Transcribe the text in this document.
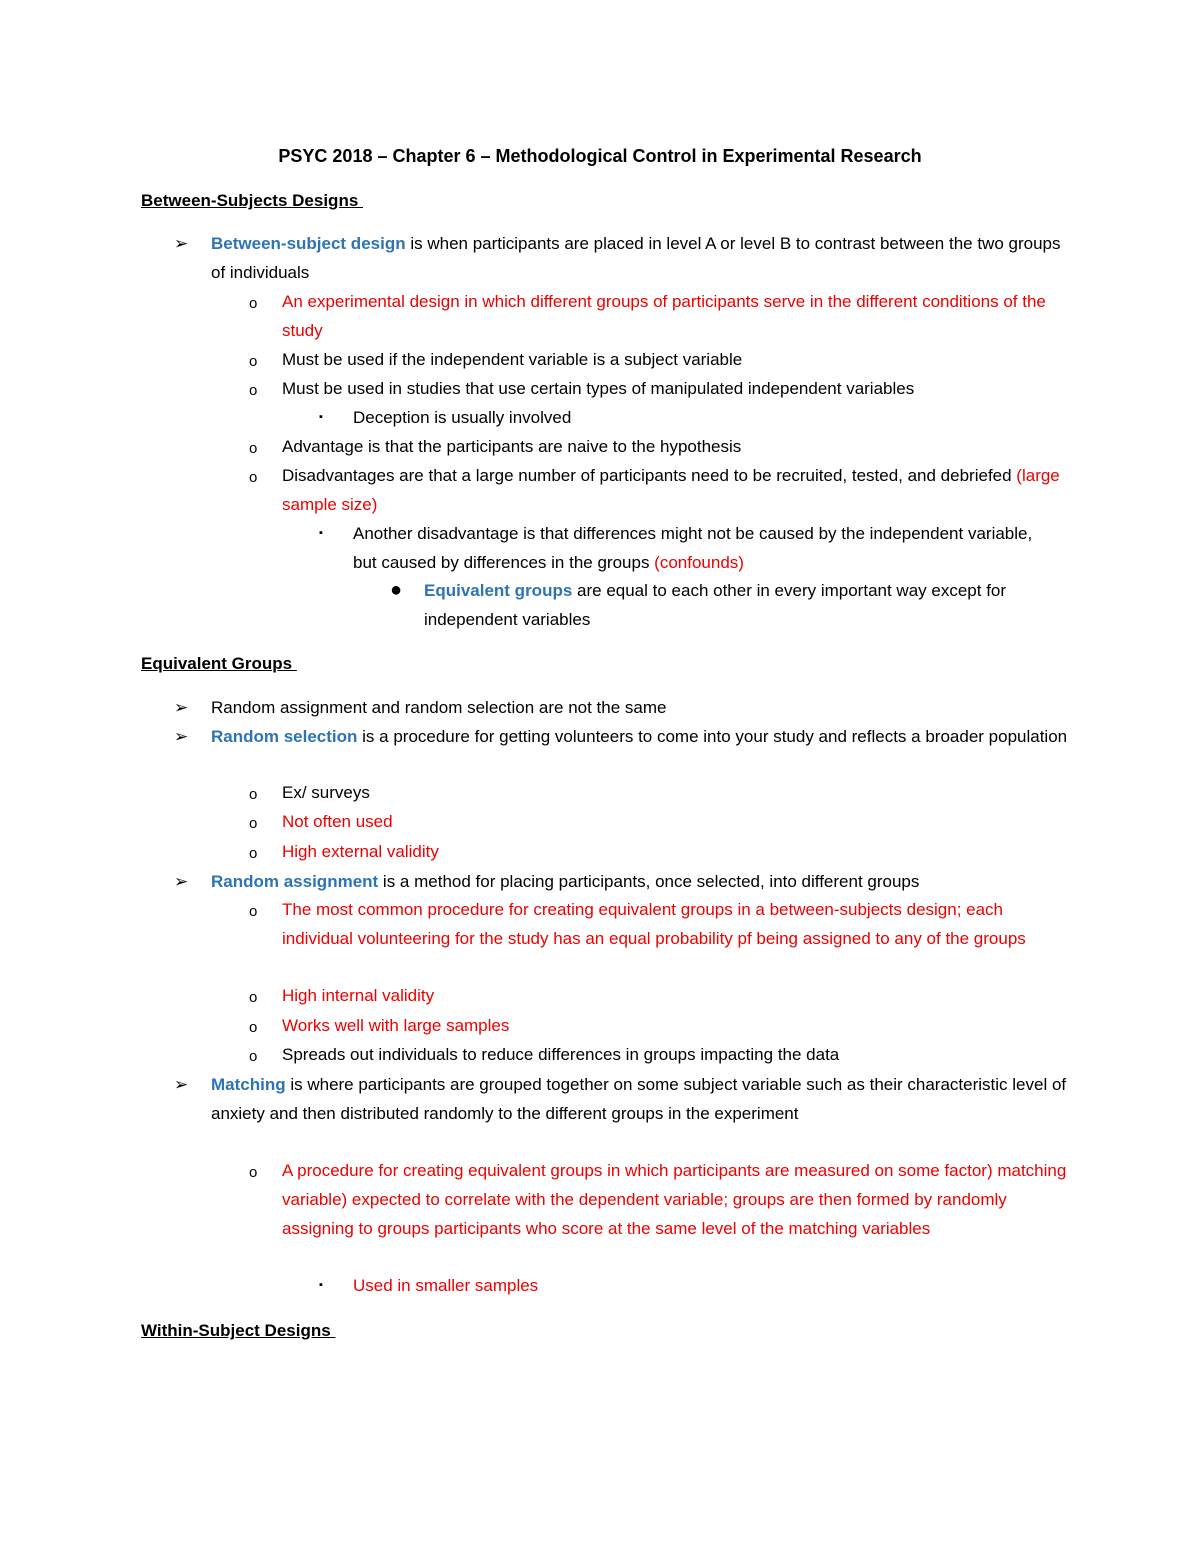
PSYC 2018 – Chapter 6 – Methodological Control in Experimental Research
Between-Subjects Designs
➢ Between-subject design is when participants are placed in level A or level B to contrast between the two groups of individuals
o An experimental design in which different groups of participants serve in the different conditions of the study
o Must be used if the independent variable is a subject variable
o Must be used in studies that use certain types of manipulated independent variables
▪ Deception is usually involved
o Advantage is that the participants are naive to the hypothesis
o Disadvantages are that a large number of participants need to be recruited, tested, and debriefed (large sample size)
▪ Another disadvantage is that differences might not be caused by the independent variable, but caused by differences in the groups (confounds)
● Equivalent groups are equal to each other in every important way except for independent variables
Equivalent Groups
➢ Random assignment and random selection are not the same
➢ Random selection is a procedure for getting volunteers to come into your study and reflects a broader population
o Ex/ surveys
o Not often used
o High external validity
➢ Random assignment is a method for placing participants, once selected, into different groups
o The most common procedure for creating equivalent groups in a between-subjects design; each individual volunteering for the study has an equal probability pf being assigned to any of the groups
o High internal validity
o Works well with large samples
o Spreads out individuals to reduce differences in groups impacting the data
➢ Matching is where participants are grouped together on some subject variable such as their characteristic level of anxiety and then distributed randomly to the different groups in the experiment
o A procedure for creating equivalent groups in which participants are measured on some factor) matching variable) expected to correlate with the dependent variable; groups are then formed by randomly assigning to groups participants who score at the same level of the matching variables
▪ Used in smaller samples
Within-Subject Designs
